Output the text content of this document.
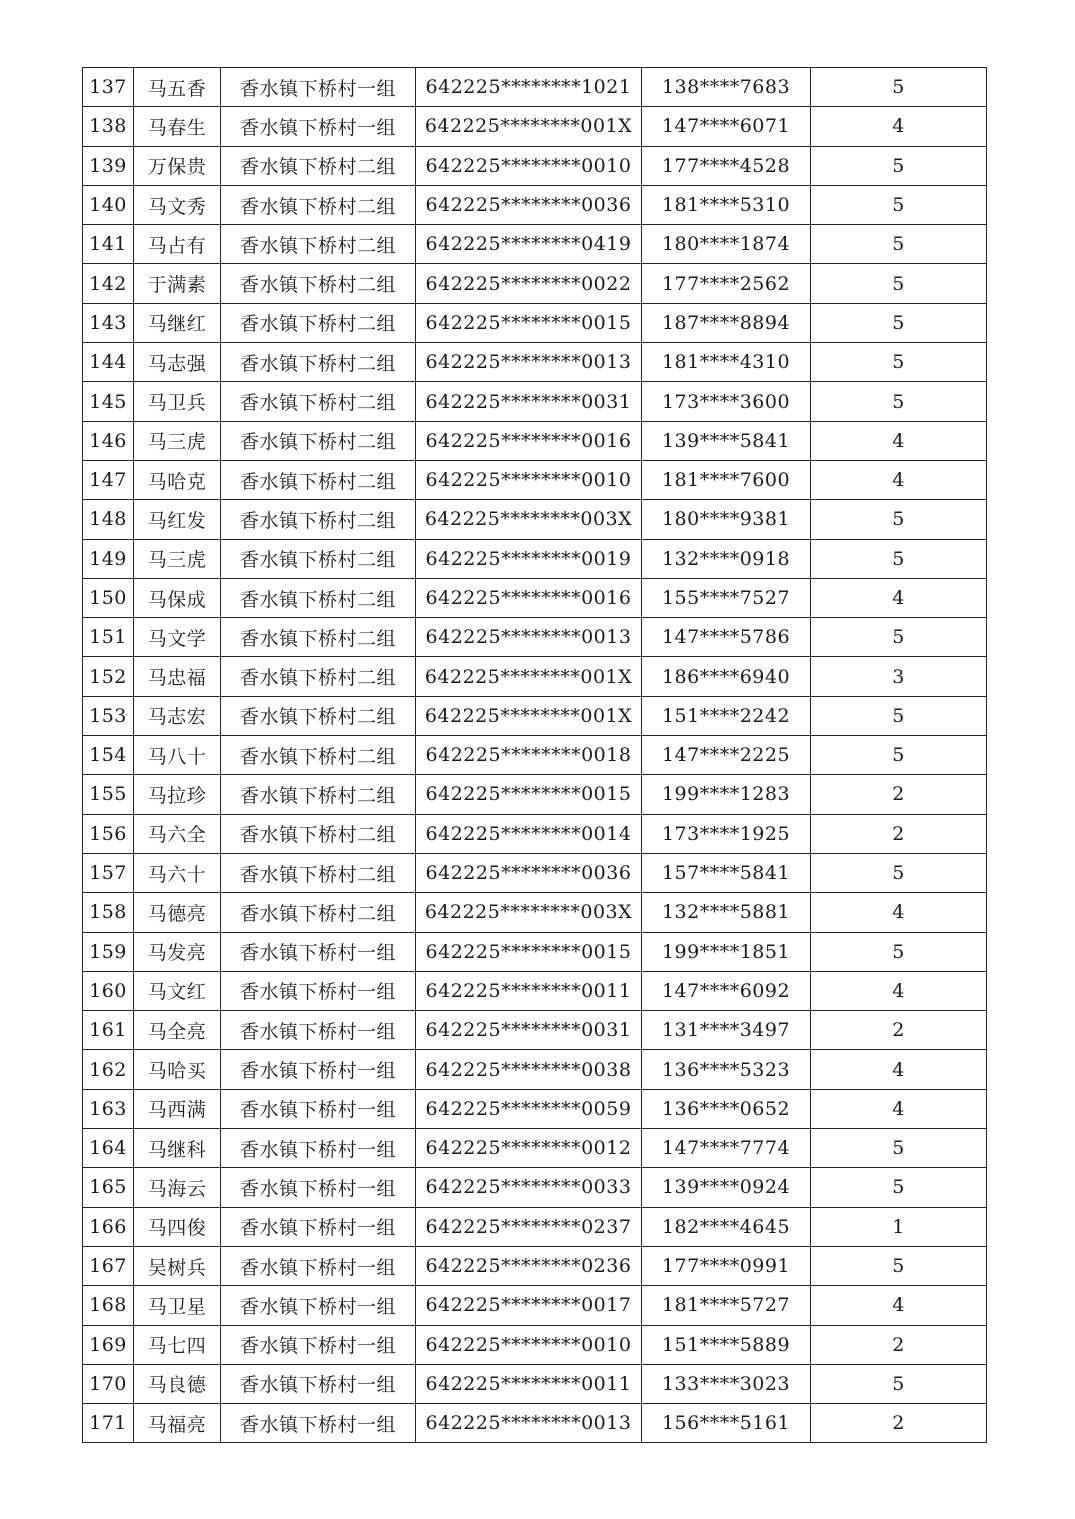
137	马五香	香水镇下桥村一组	642225********1021	138****7683	5
138	马春生	香水镇下桥村一组	642225********001X	147****6071	4
139	万保贵	香水镇下桥村二组	642225********0010	177****4528	5
140	马文秀	香水镇下桥村二组	642225********0036	181****5310	5
141	马占有	香水镇下桥村二组	642225********0419	180****1874	5
142	于满素	香水镇下桥村二组	642225********0022	177****2562	5
143	马继红	香水镇下桥村二组	642225********0015	187****8894	5
144	马志强	香水镇下桥村二组	642225********0013	181****4310	5
145	马卫兵	香水镇下桥村二组	642225********0031	173****3600	5
146	马三虎	香水镇下桥村二组	642225********0016	139****5841	4
147	马哈克	香水镇下桥村二组	642225********0010	181****7600	4
148	马红发	香水镇下桥村二组	642225********003X	180****9381	5
149	马三虎	香水镇下桥村二组	642225********0019	132****0918	5
150	马保成	香水镇下桥村二组	642225********0016	155****7527	4
151	马文学	香水镇下桥村二组	642225********0013	147****5786	5
152	马忠福	香水镇下桥村二组	642225********001X	186****6940	3
153	马志宏	香水镇下桥村二组	642225********001X	151****2242	5
154	马八十	香水镇下桥村二组	642225********0018	147****2225	5
155	马拉珍	香水镇下桥村二组	642225********0015	199****1283	2
156	马六全	香水镇下桥村二组	642225********0014	173****1925	2
157	马六十	香水镇下桥村二组	642225********0036	157****5841	5
158	马德亮	香水镇下桥村二组	642225********003X	132****5881	4
159	马发亮	香水镇下桥村一组	642225********0015	199****1851	5
160	马文红	香水镇下桥村一组	642225********0011	147****6092	4
161	马全亮	香水镇下桥村一组	642225********0031	131****3497	2
162	马哈买	香水镇下桥村一组	642225********0038	136****5323	4
163	马西满	香水镇下桥村一组	642225********0059	136****0652	4
164	马继科	香水镇下桥村一组	642225********0012	147****7774	5
165	马海云	香水镇下桥村一组	642225********0033	139****0924	5
166	马四俊	香水镇下桥村一组	642225********0237	182****4645	1
167	吴树兵	香水镇下桥村一组	642225********0236	177****0991	5
168	马卫星	香水镇下桥村一组	642225********0017	181****5727	4
169	马七四	香水镇下桥村一组	642225********0010	151****5889	2
170	马良德	香水镇下桥村一组	642225********0011	133****3023	5
171	马福亮	香水镇下桥村一组	642225********0013	156****5161	2
